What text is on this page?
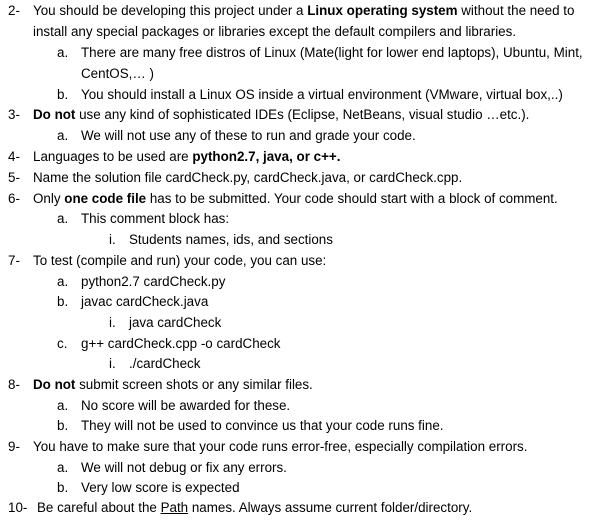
2- You should be developing this project under a Linux operating system without the need to
install any special packages or libraries except the default compilers and libraries.
a. There are many free distros of Linux (Mate(light for lower end laptops), Ubuntu, Mint,
CentOS,… )
b. You should install a Linux OS inside a virtual environment (VMware, virtual box,..)
3- Do not use any kind of sophisticated IDEs (Eclipse, NetBeans, visual studio …etc.).
a. We will not use any of these to run and grade your code.
4- Languages to be used are python2.7, java, or c++.
5- Name the solution file cardCheck.py, cardCheck.java, or cardCheck.cpp.
6- Only one code file has to be submitted. Your code should start with a block of comment.
a. This comment block has:
i. Students names, ids, and sections
7- To test (compile and run) your code, you can use:
a. python2.7 cardCheck.py
b. javac cardCheck.java
i. java cardCheck
c. g++ cardCheck.cpp -o cardCheck
i. ./cardCheck
8- Do not submit screen shots or any similar files.
a. No score will be awarded for these.
b. They will not be used to convince us that your code runs fine.
9- You have to make sure that your code runs error-free, especially compilation errors.
a. We will not debug or fix any errors.
b. Very low score is expected
10- Be careful about the Path names. Always assume current folder/directory.
